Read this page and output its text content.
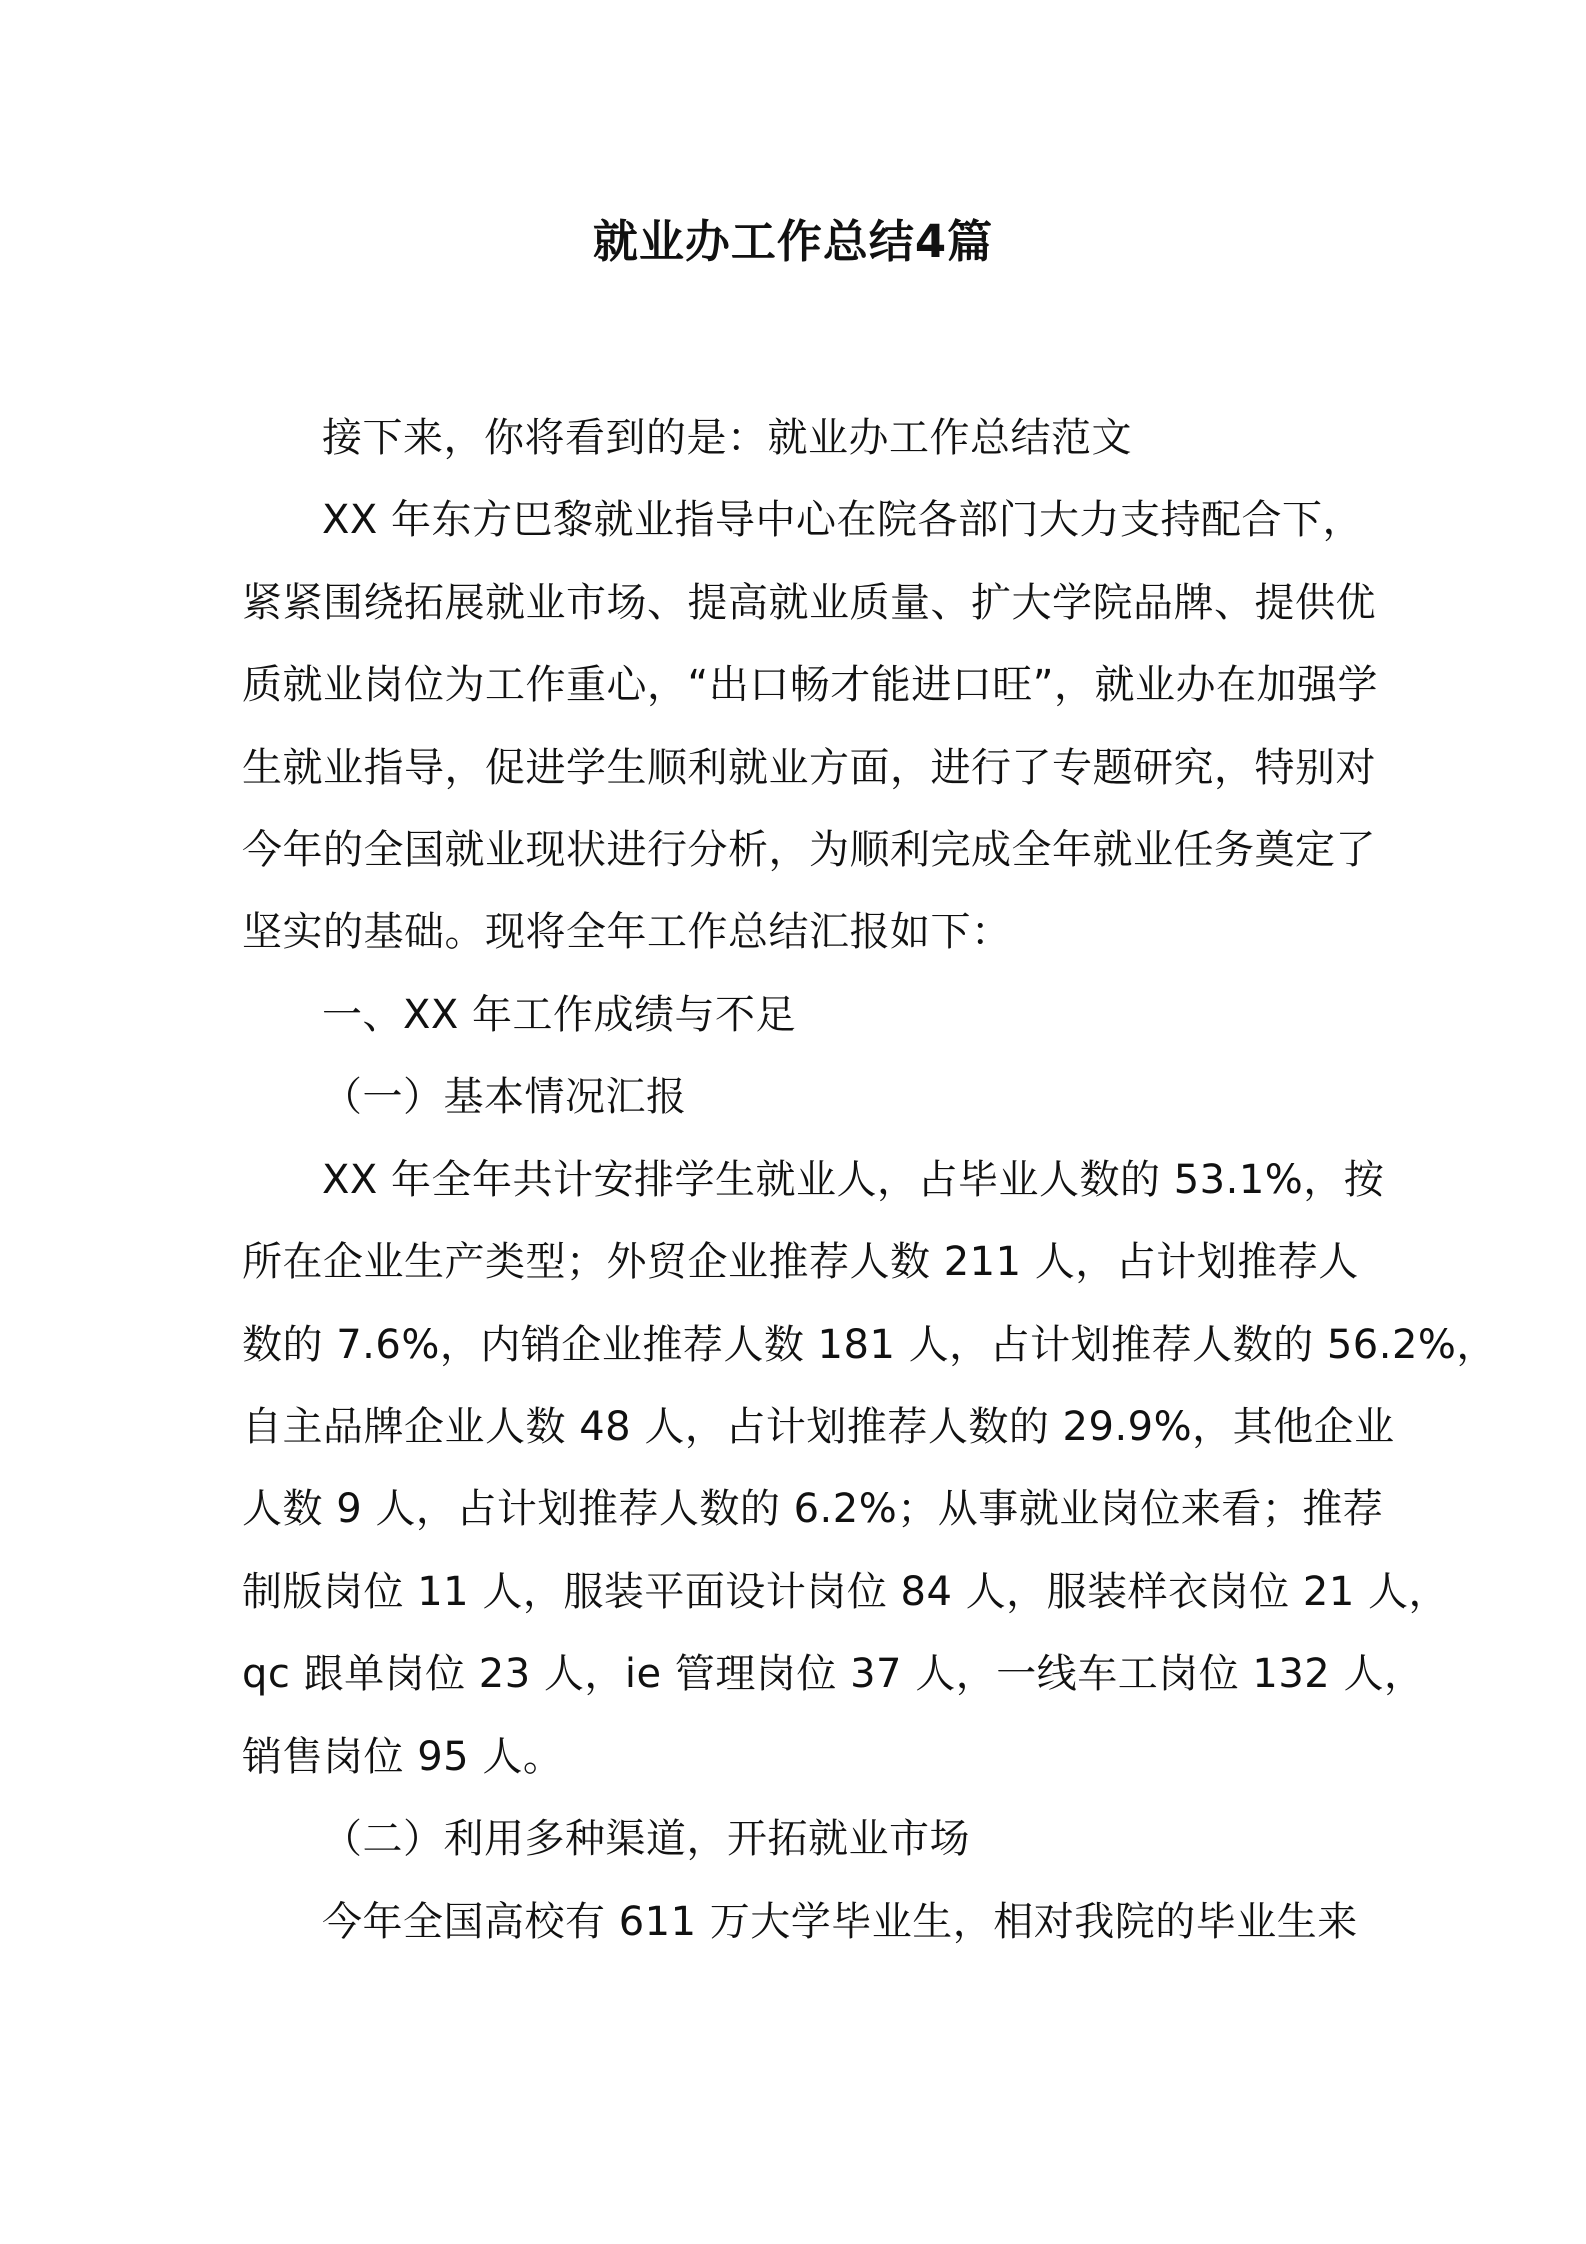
就业办工作总结4篇
接下来，你将看到的是：就业办工作总结范文
XX 年东方巴黎就业指导中心在院各部门大力支持配合下，
紧紧围绕拓展就业市场、提高就业质量、扩大学院品牌、提供优
质就业岗位为工作重心，“出口畅才能进口旺”，就业办在加强学
生就业指导，促进学生顺利就业方面，进行了专题研究，特别对
今年的全国就业现状进行分析，为顺利完成全年就业任务奠定了
坚实的基础。现将全年工作总结汇报如下：
一、XX 年工作成绩与不足
（一）基本情况汇报
XX 年全年共计安排学生就业人，占毕业人数的 53.1%，按
所在企业生产类型；外贸企业推荐人数 211 人，占计划推荐人
数的 7.6%，内销企业推荐人数 181 人，占计划推荐人数的 56.2%，
自主品牌企业人数 48 人，占计划推荐人数的 29.9%，其他企业
人数 9 人，占计划推荐人数的 6.2%；从事就业岗位来看；推荐
制版岗位 11 人，服装平面设计岗位 84 人，服装样衣岗位 21 人，
qc 跟单岗位 23 人，ie 管理岗位 37 人，一线车工岗位 132 人，
销售岗位 95 人。
（二）利用多种渠道，开拓就业市场
今年全国高校有 611 万大学毕业生，相对我院的毕业生来
